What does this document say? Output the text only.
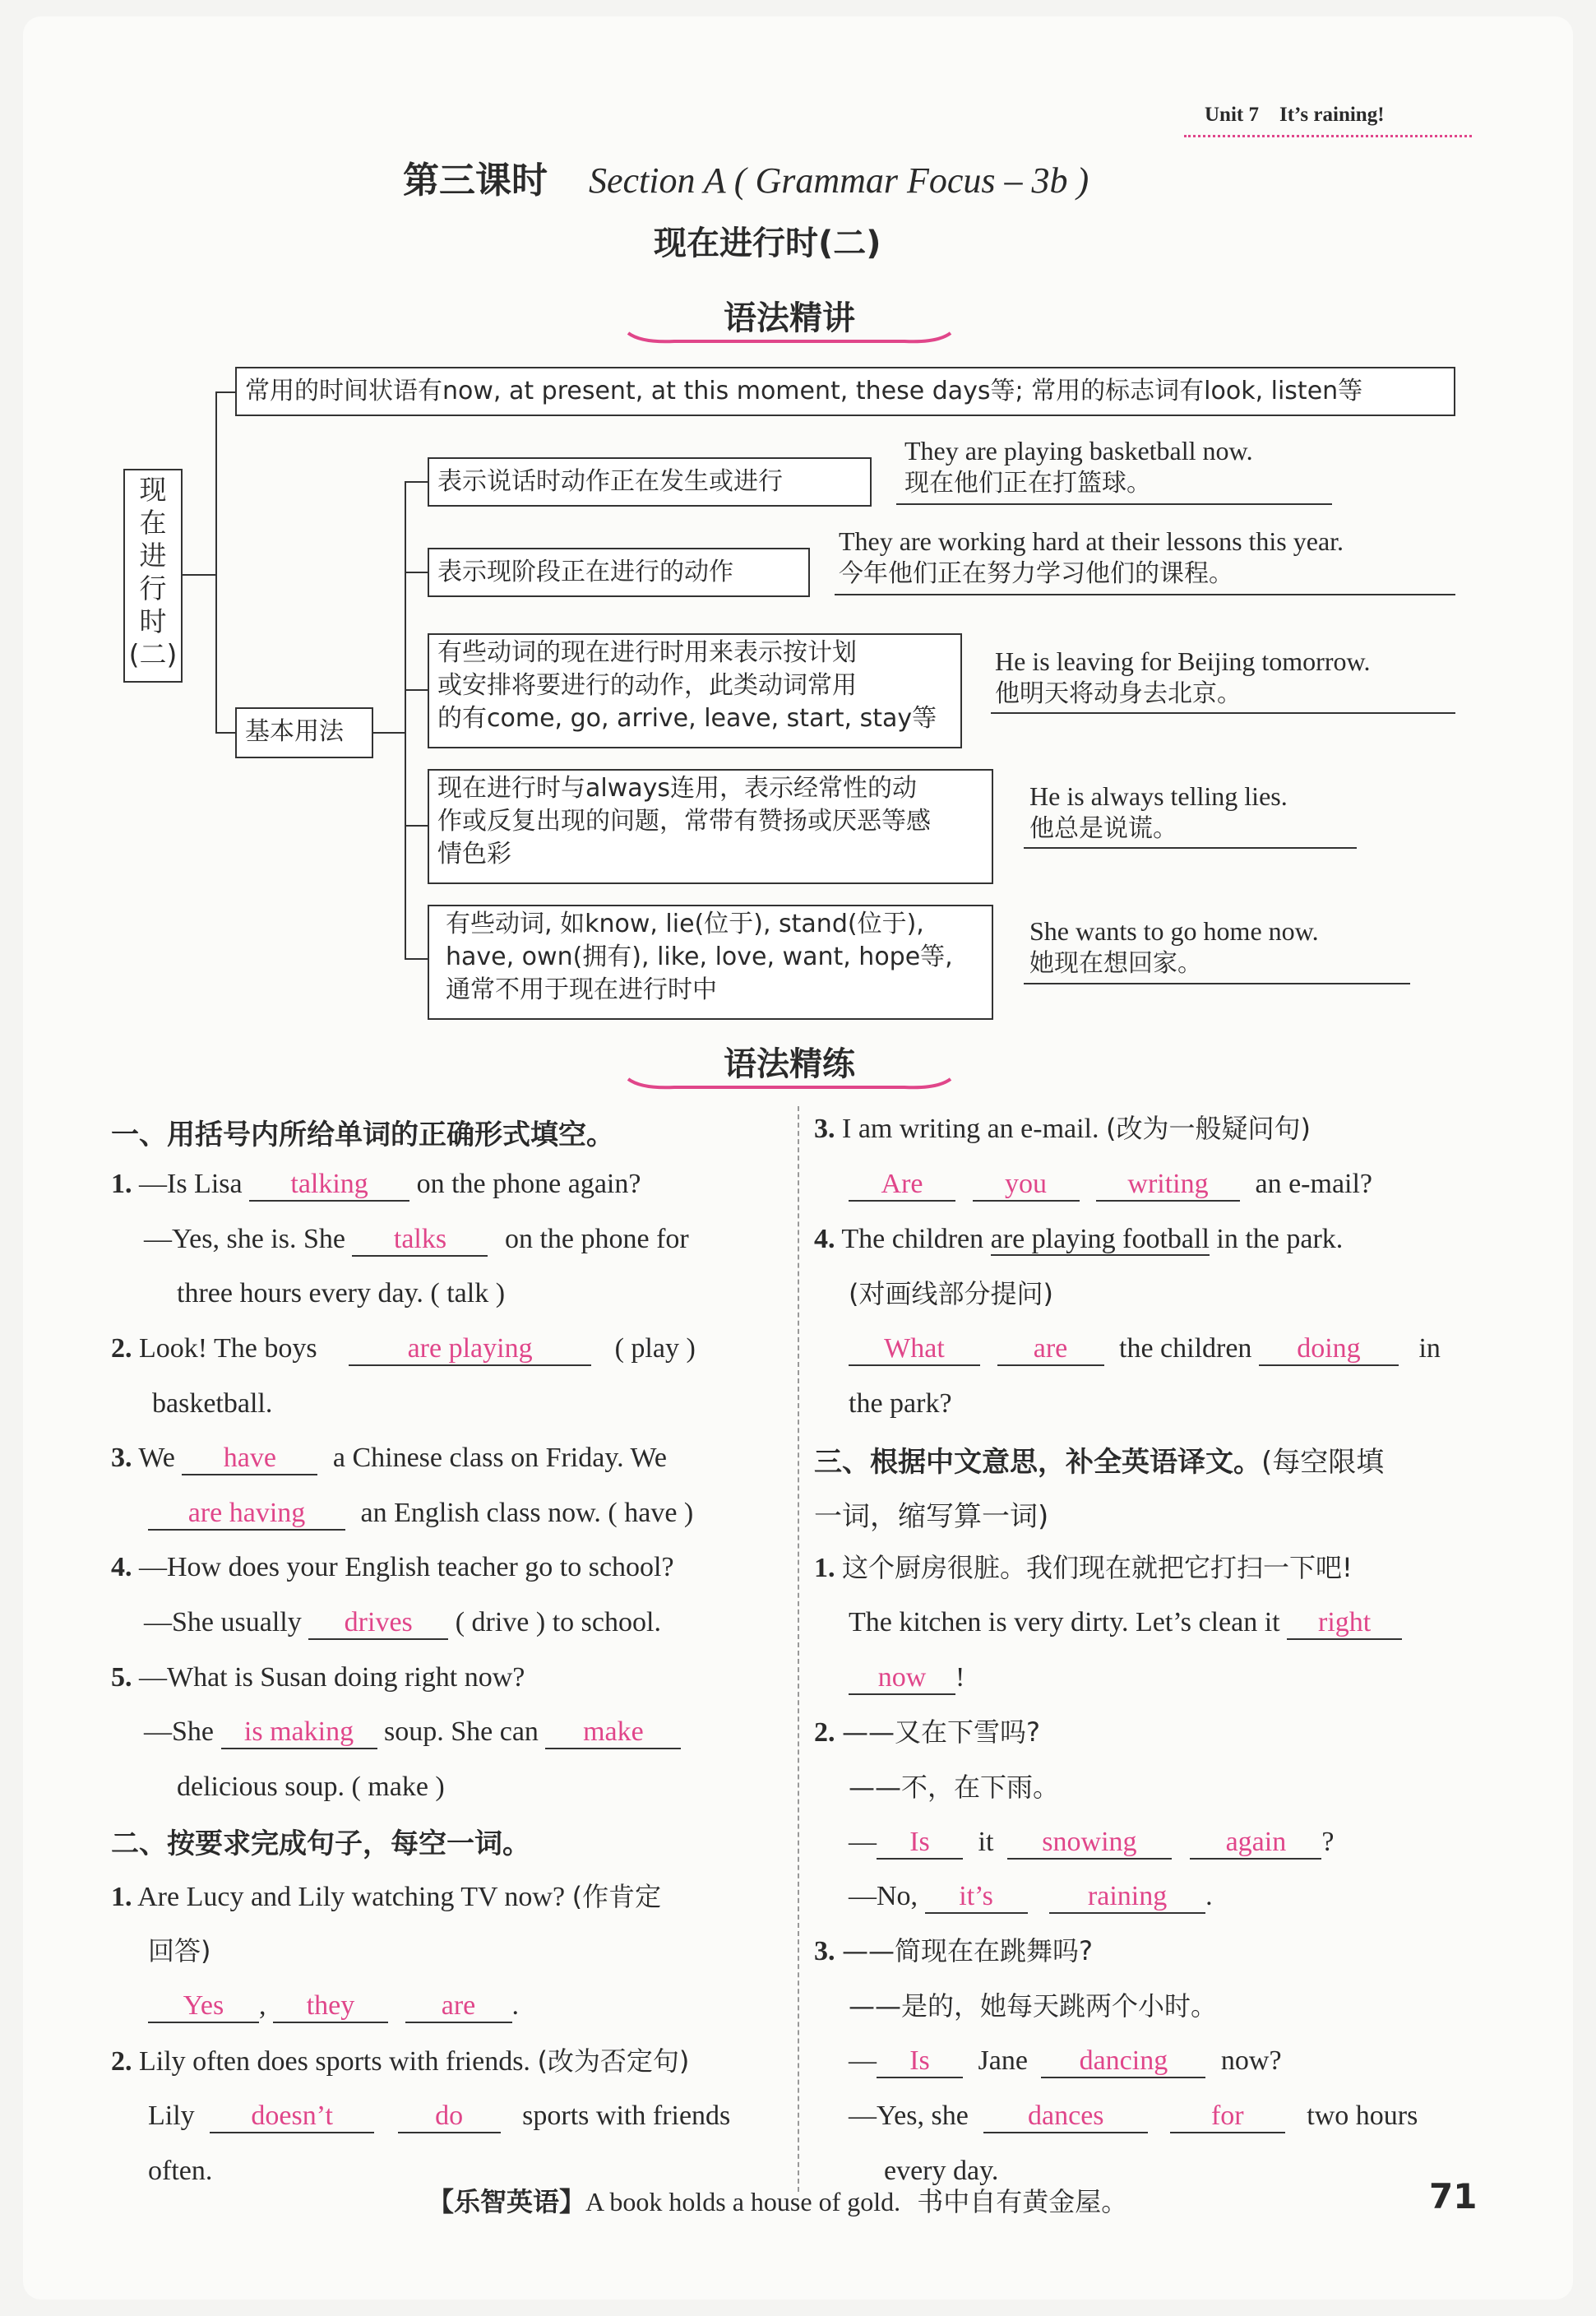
Unit 7 It’s raining!
第三课时 Section A ( Grammar Focus – 3b )
现在进行时(二)
语法精讲
现
在
进
行
时
(二)
常用的时间状语有now, at present, at this moment, these days等; 常用的标志词有look, listen等
基本用法
表示说话时动作正在发生或进行
They are playing basketball now.
现在他们正在打篮球。
表示现阶段正在进行的动作
They are working hard at their lessons this year.
今年他们正在努力学习他们的课程。
有些动词的现在进行时用来表示按计划
或安排将要进行的动作，此类动词常用
的有come, go, arrive, leave, start, stay等
He is leaving for Beijing tomorrow.
他明天将动身去北京。
现在进行时与always连用，表示经常性的动
作或反复出现的问题，常带有赞扬或厌恶等感
情色彩
He is always telling lies.
他总是说谎。
有些动词, 如know, lie(位于), stand(位于),
have, own(拥有), like, love, want, hope等,
通常不用于现在进行时中
She wants to go home now.
她现在想回家。
语法精练
一、用括号内所给单词的正确形式填空。
1. —Is Lisa talking on the phone again?
—Yes, she is. She talks on the phone for
three hours every day. ( talk )
2. Look! The boys	are playing	( play )
basketball.
3. We have a Chinese class on Friday. We
are having an English class now. ( have )
4. —How does your English teacher go to school?
—She usually drives ( drive ) to school.
5. —What is Susan doing right now?
—She is making soup. She can make
delicious soup. ( make )
二、按要求完成句子，每空一词。
1. Are Lucy and Lily watching TV now? (作肯定
回答)
Yes , they	are .
2. Lily often does sports with friends. (改为否定句)
Lily doesn’t	do sports with friends
often.
3. I am writing an e-mail. (改为一般疑问句)
Are	you	writing an e-mail?
4. The children are playing football in the park.
(对画线部分提问)
What	are the children doing in
the park?
三、根据中文意思，补全英语译文。(每空限填
一词，缩写算一词)
1. 这个厨房很脏。我们现在就把它打扫一下吧!
The kitchen is very dirty. Let’s clean it right
now !
2. ——又在下雪吗?
——不，在下雨。
— Is it snowing	again ?
—No, it’s	raining .
3. ——简现在在跳舞吗?
——是的，她每天跳两个小时。
— Is Jane dancing now?
—Yes, she dances	for two hours
every day.
【乐智英语】A book holds a house of gold. 书中自有黄金屋。	71
